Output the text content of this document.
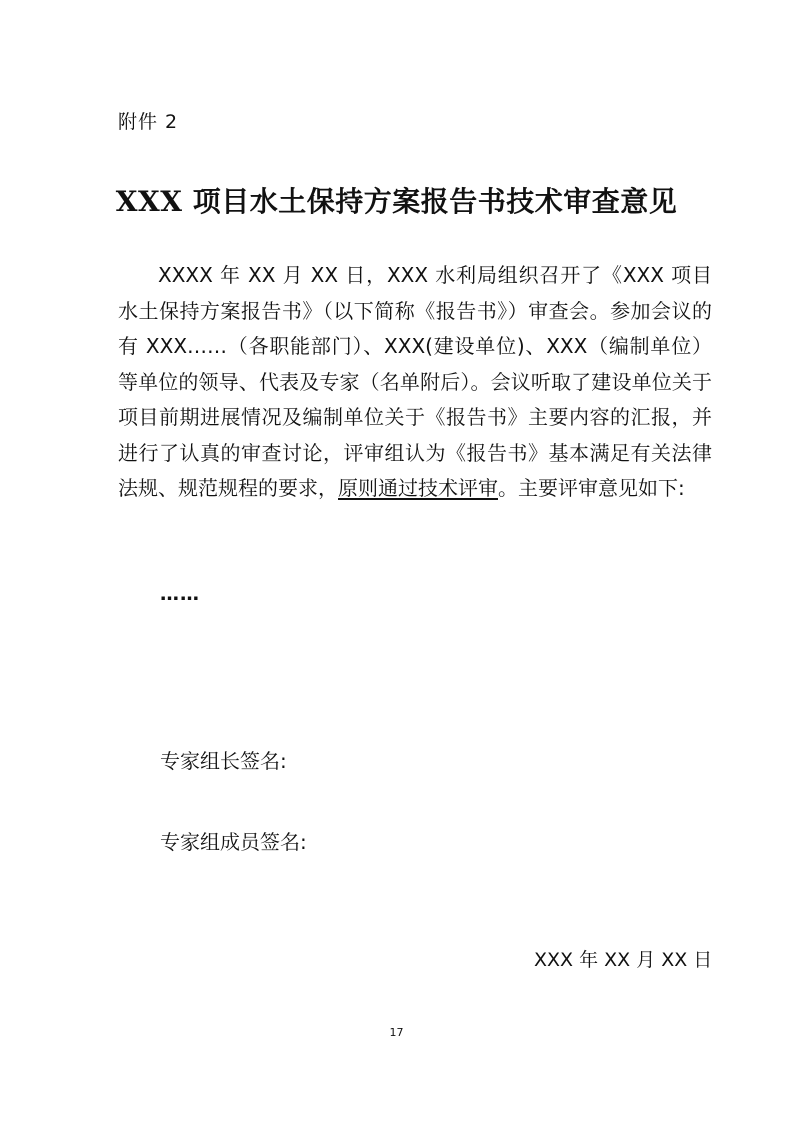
附件 2
XXX 项目水土保持方案报告书技术审查意见

XXXX 年 XX 月 XX 日，XXX 水利局组织召开了《XXX 项目水土保持方案报告书》（以下简称《报告书》）审查会。参加会议的有 XXX……（各职能部门）、XXX(建设单位)、XXX（编制单位）等单位的领导、代表及专家（名单附后）。会议听取了建设单位关于项目前期进展情况及编制单位关于《报告书》主要内容的汇报，并进行了认真的审查讨论，评审组认为《报告书》基本满足有关法律法规、规范规程的要求，原则通过技术评审。主要评审意见如下:

……
专家组长签名:
专家组成员签名:
XXX 年 XX 月 XX 日
17
